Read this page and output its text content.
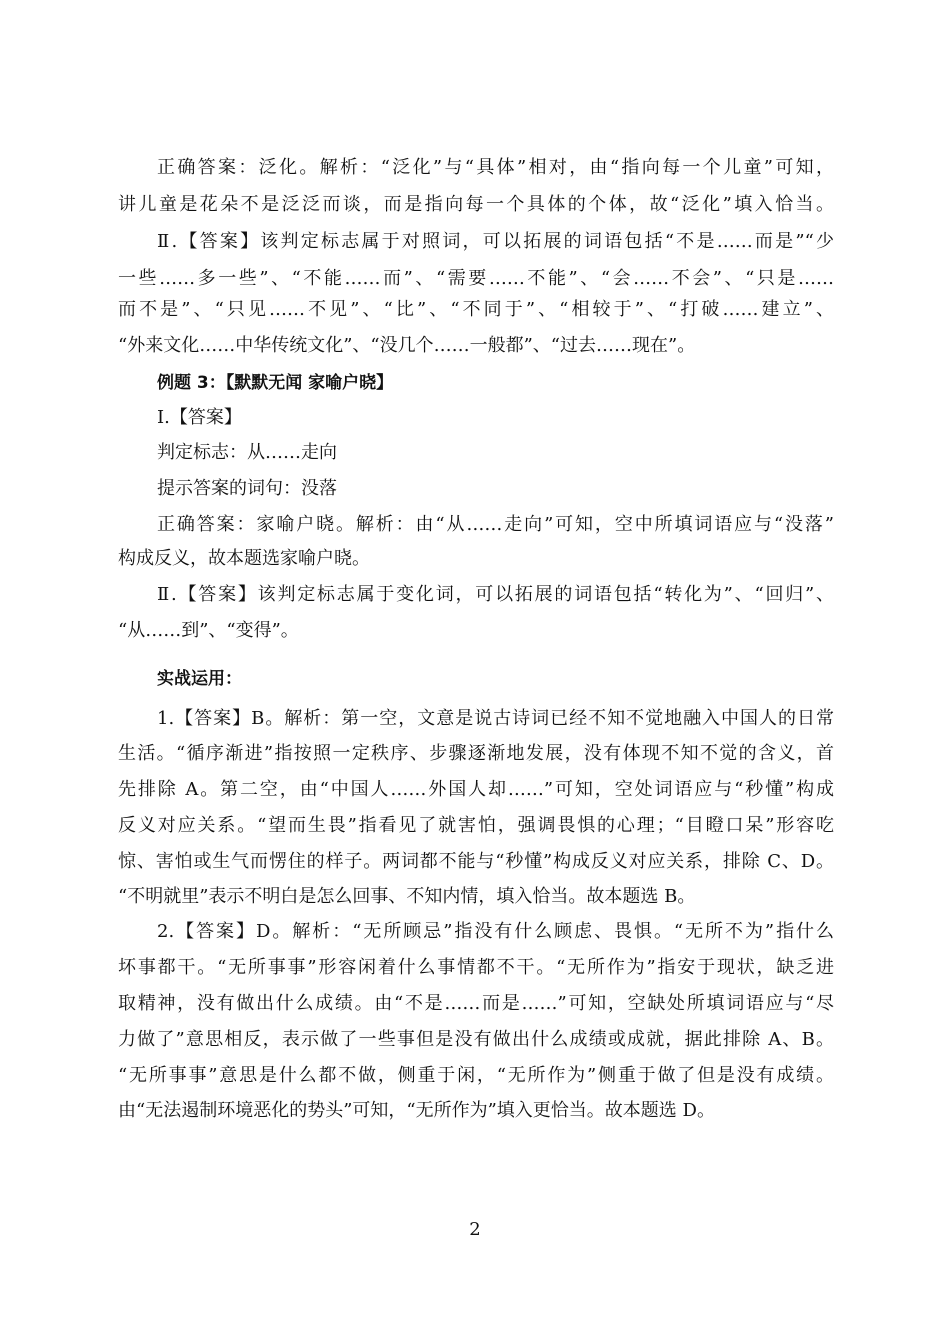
正确答案：泛化。解析：“泛化”与“具体”相对，由“指向每一个儿童”可知，
讲儿童是花朵不是泛泛而谈，而是指向每一个具体的个体，故“泛化”填入恰当。
Ⅱ.【答案】该判定标志属于对照词，可以拓展的词语包括“不是……而是”“少
一些……多一些”、“不能……而”、“需要……不能”、“会……不会”、“只是……
而不是”、“只见……不见”、“比”、“不同于”、“相较于”、“打破……建立”、
“外来文化……中华传统文化”、“没几个……一般都”、“过去……现在”。
例题 3：【默默无闻 家喻户晓】
Ⅰ.【答案】
判定标志：从……走向
提示答案的词句：没落
正确答案：家喻户晓。解析：由“从……走向”可知，空中所填词语应与“没落”
构成反义，故本题选家喻户晓。
Ⅱ.【答案】该判定标志属于变化词，可以拓展的词语包括“转化为”、“回归”、
“从……到”、“变得”。
实战运用：
1.【答案】B。解析：第一空，文意是说古诗词已经不知不觉地融入中国人的日常
生活。“循序渐进”指按照一定秩序、步骤逐渐地发展，没有体现不知不觉的含义，首
先排除 A。第二空，由“中国人……外国人却……”可知，空处词语应与“秒懂”构成
反义对应关系。“望而生畏”指看见了就害怕，强调畏惧的心理；“目瞪口呆”形容吃
惊、害怕或生气而愣住的样子。两词都不能与“秒懂”构成反义对应关系，排除 C、D。
“不明就里”表示不明白是怎么回事、不知内情，填入恰当。故本题选 B。
2.【答案】D。解析：“无所顾忌”指没有什么顾虑、畏惧。“无所不为”指什么
坏事都干。“无所事事”形容闲着什么事情都不干。“无所作为”指安于现状，缺乏进
取精神，没有做出什么成绩。由“不是……而是……”可知，空缺处所填词语应与“尽
力做了”意思相反，表示做了一些事但是没有做出什么成绩或成就，据此排除 A、B。
“无所事事”意思是什么都不做，侧重于闲，“无所作为”侧重于做了但是没有成绩。
由“无法遏制环境恶化的势头”可知，“无所作为”填入更恰当。故本题选 D。
2
